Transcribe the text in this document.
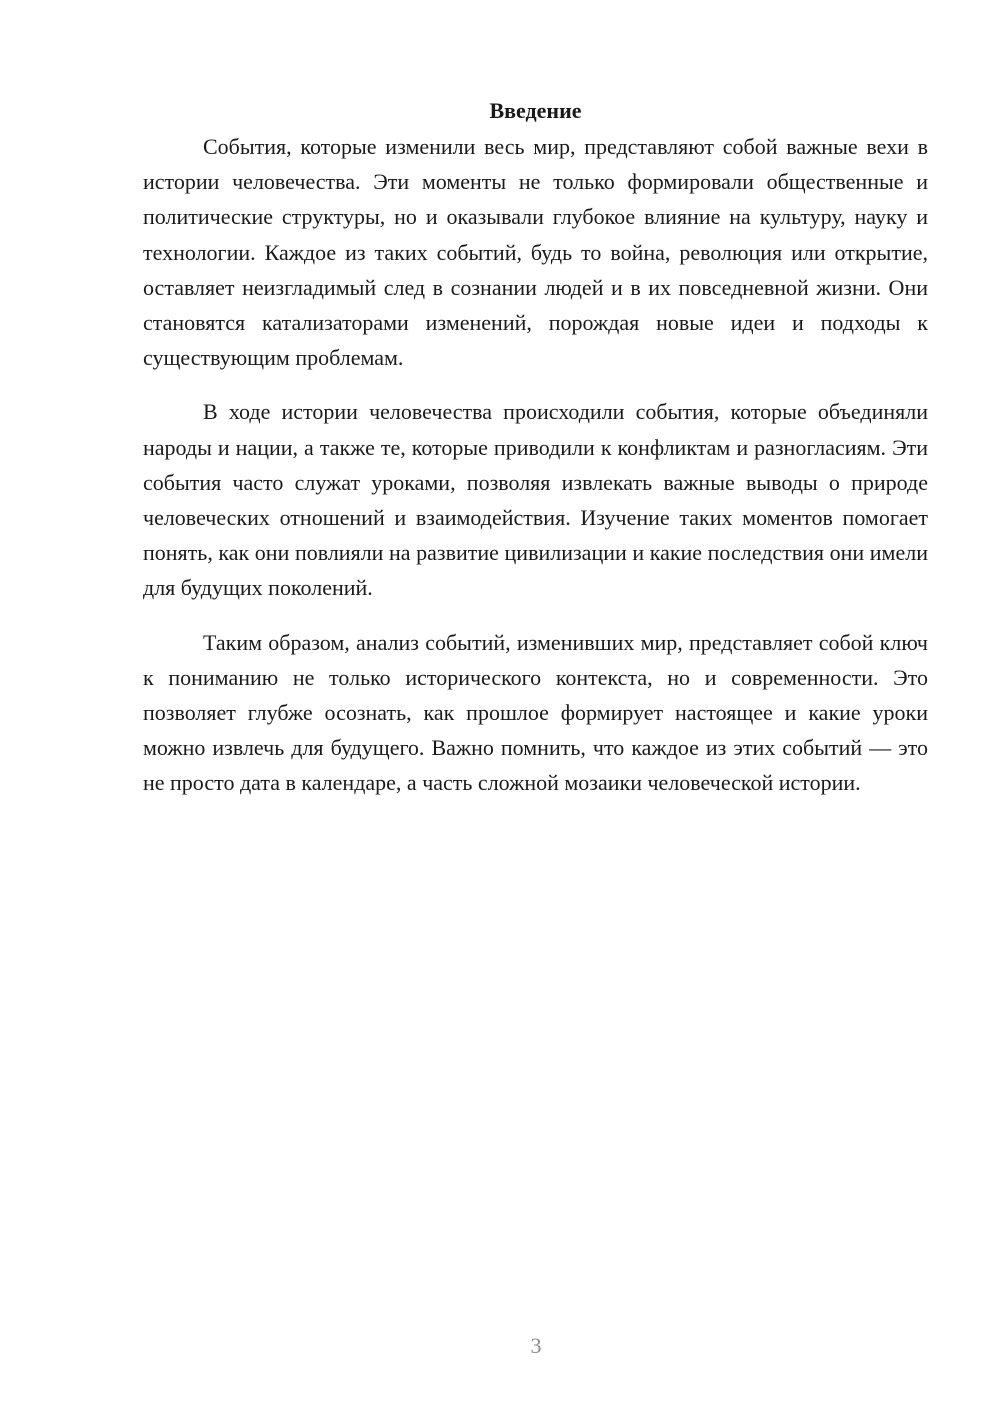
Введение

События, которые изменили весь мир, представляют собой важные вехи в истории человечества. Эти моменты не только формировали общественные и политические структуры, но и оказывали глубокое влияние на культуру, науку и технологии. Каждое из таких событий, будь то война, революция или открытие, оставляет неизгладимый след в сознании людей и в их повседневной жизни. Они становятся катализаторами изменений, порождая новые идеи и подходы к существующим проблемам.

В ходе истории человечества происходили события, которые объединяли народы и нации, а также те, которые приводили к конфликтам и разногласиям. Эти события часто служат уроками, позволяя извлекать важные выводы о природе человеческих отношений и взаимодействия. Изучение таких моментов помогает понять, как они повлияли на развитие цивилизации и какие последствия они имели для будущих поколений.

Таким образом, анализ событий, изменивших мир, представляет собой ключ к пониманию не только исторического контекста, но и современности. Это позволяет глубже осознать, как прошлое формирует настоящее и какие уроки можно извлечь для будущего. Важно помнить, что каждое из этих событий — это не просто дата в календаре, а часть сложной мозаики человеческой истории.

3
